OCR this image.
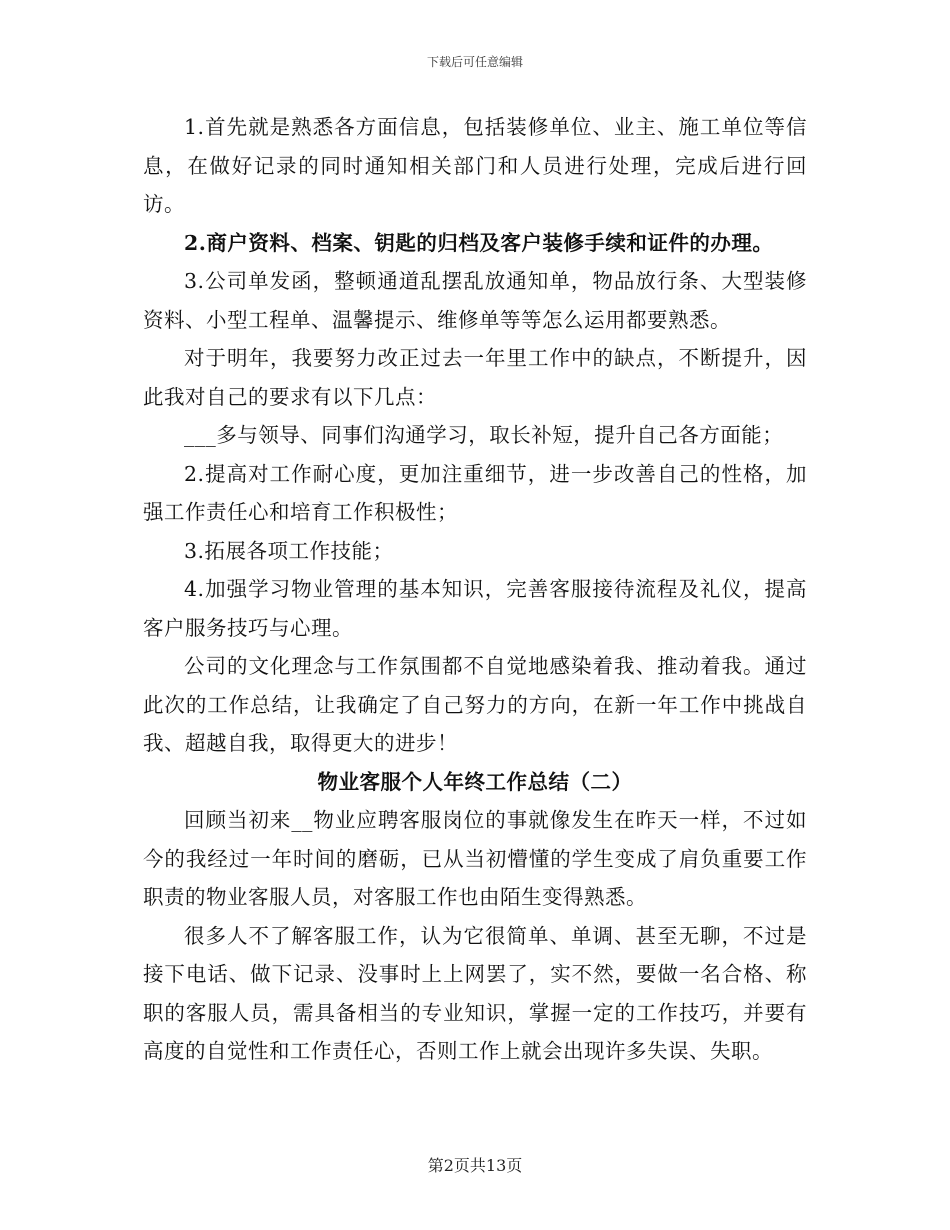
下载后可任意编辑

1.首先就是熟悉各方面信息，包括装修单位、业主、施工单位等信息，在做好记录的同时通知相关部门和人员进行处理，完成后进行回访。

2.商户资料、档案、钥匙的归档及客户装修手续和证件的办理。

3.公司单发函，整顿通道乱摆乱放通知单，物品放行条、大型装修资料、小型工程单、温馨提示、维修单等等怎么运用都要熟悉。

对于明年，我要努力改正过去一年里工作中的缺点，不断提升，因此我对自己的要求有以下几点：

___多与领导、同事们沟通学习，取长补短，提升自己各方面能；

2.提高对工作耐心度，更加注重细节，进一步改善自己的性格，加强工作责任心和培育工作积极性；

3.拓展各项工作技能；

4.加强学习物业管理的基本知识，完善客服接待流程及礼仪，提高客户服务技巧与心理。

公司的文化理念与工作氛围都不自觉地感染着我、推动着我。通过此次的工作总结，让我确定了自己努力的方向，在新一年工作中挑战自我、超越自我，取得更大的进步！

物业客服个人年终工作总结（二）

回顾当初来__物业应聘客服岗位的事就像发生在昨天一样，不过如今的我经过一年时间的磨砺，已从当初懵懂的学生变成了肩负重要工作职责的物业客服人员，对客服工作也由陌生变得熟悉。

很多人不了解客服工作，认为它很简单、单调、甚至无聊，不过是接下电话、做下记录、没事时上上网罢了，实不然，要做一名合格、称职的客服人员，需具备相当的专业知识，掌握一定的工作技巧，并要有高度的自觉性和工作责任心，否则工作上就会出现许多失误、失职。

第2页共13页
